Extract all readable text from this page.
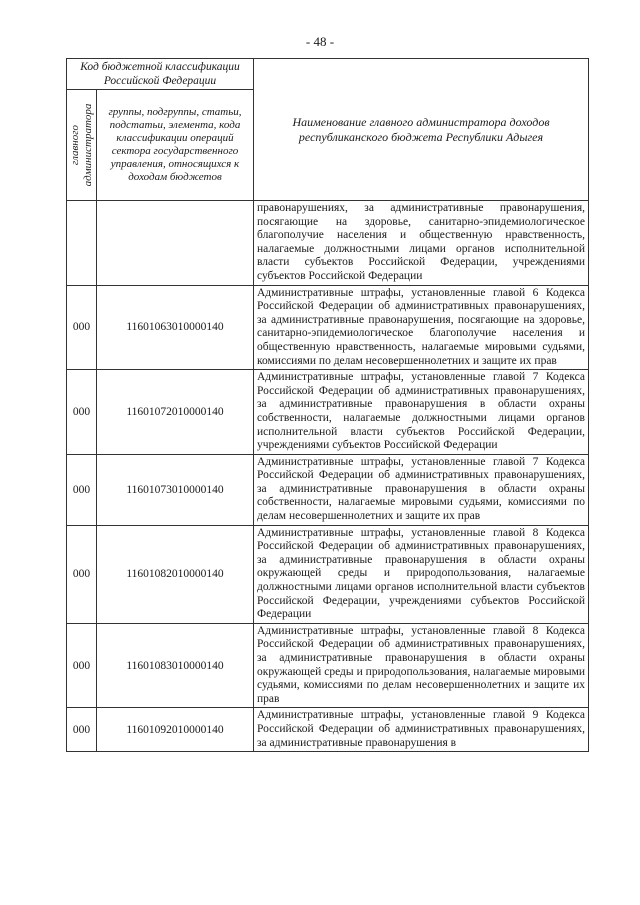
- 48 -
Код бюджетной классификации Российской Федерации		Наименование главного администратора доходов республиканского бюджета Республики Адыгея

главного администратора	группы, подгруппы, статьи, подстатьи, элемента, кода классификации операций сектора государственного управления, относящихся к доходам бюджетов	
		правонарушениях, за административные правонарушения, посягающие на здоровье, санитарно-эпидемиологическое благополучие населения и общественную нравственность, налагаемые должностными лицами органов исполнительной власти субъектов Российской Федерации, учреждениями субъектов Российской Федерации
000	11601063010000140	Административные штрафы, установленные главой 6 Кодекса Российской Федерации об административных правонарушениях, за административные правонарушения, посягающие на здоровье, санитарно-эпидемиологическое благополучие населения и общественную нравственность, налагаемые мировыми судьями, комиссиями по делам несовершеннолетних и защите их прав
000	11601072010000140	Административные штрафы, установленные главой 7 Кодекса Российской Федерации об административных правонарушениях, за административные правонарушения в области охраны собственности, налагаемые должностными лицами органов исполнительной власти субъектов Российской Федерации, учреждениями субъектов Российской Федерации
000	11601073010000140	Административные штрафы, установленные главой 7 Кодекса Российской Федерации об административных правонарушениях, за административные правонарушения в области охраны собственности, налагаемые мировыми судьями, комиссиями по делам несовершеннолетних и защите их прав
000	11601082010000140	Административные штрафы, установленные главой 8 Кодекса Российской Федерации об административных правонарушениях, за административные правонарушения в области охраны окружающей среды и природопользования, налагаемые должностными лицами органов исполнительной власти субъектов Российской Федерации, учреждениями субъектов Российской Федерации
000	11601083010000140	Административные штрафы, установленные главой 8 Кодекса Российской Федерации об административных правонарушениях, за административные правонарушения в области охраны окружающей среды и природопользования, налагаемые мировыми судьями, комиссиями по делам несовершеннолетних и защите их прав
000	11601092010000140	Административные штрафы, установленные главой 9 Кодекса Российской Федерации об административных правонарушениях, за административные правонарушения в
